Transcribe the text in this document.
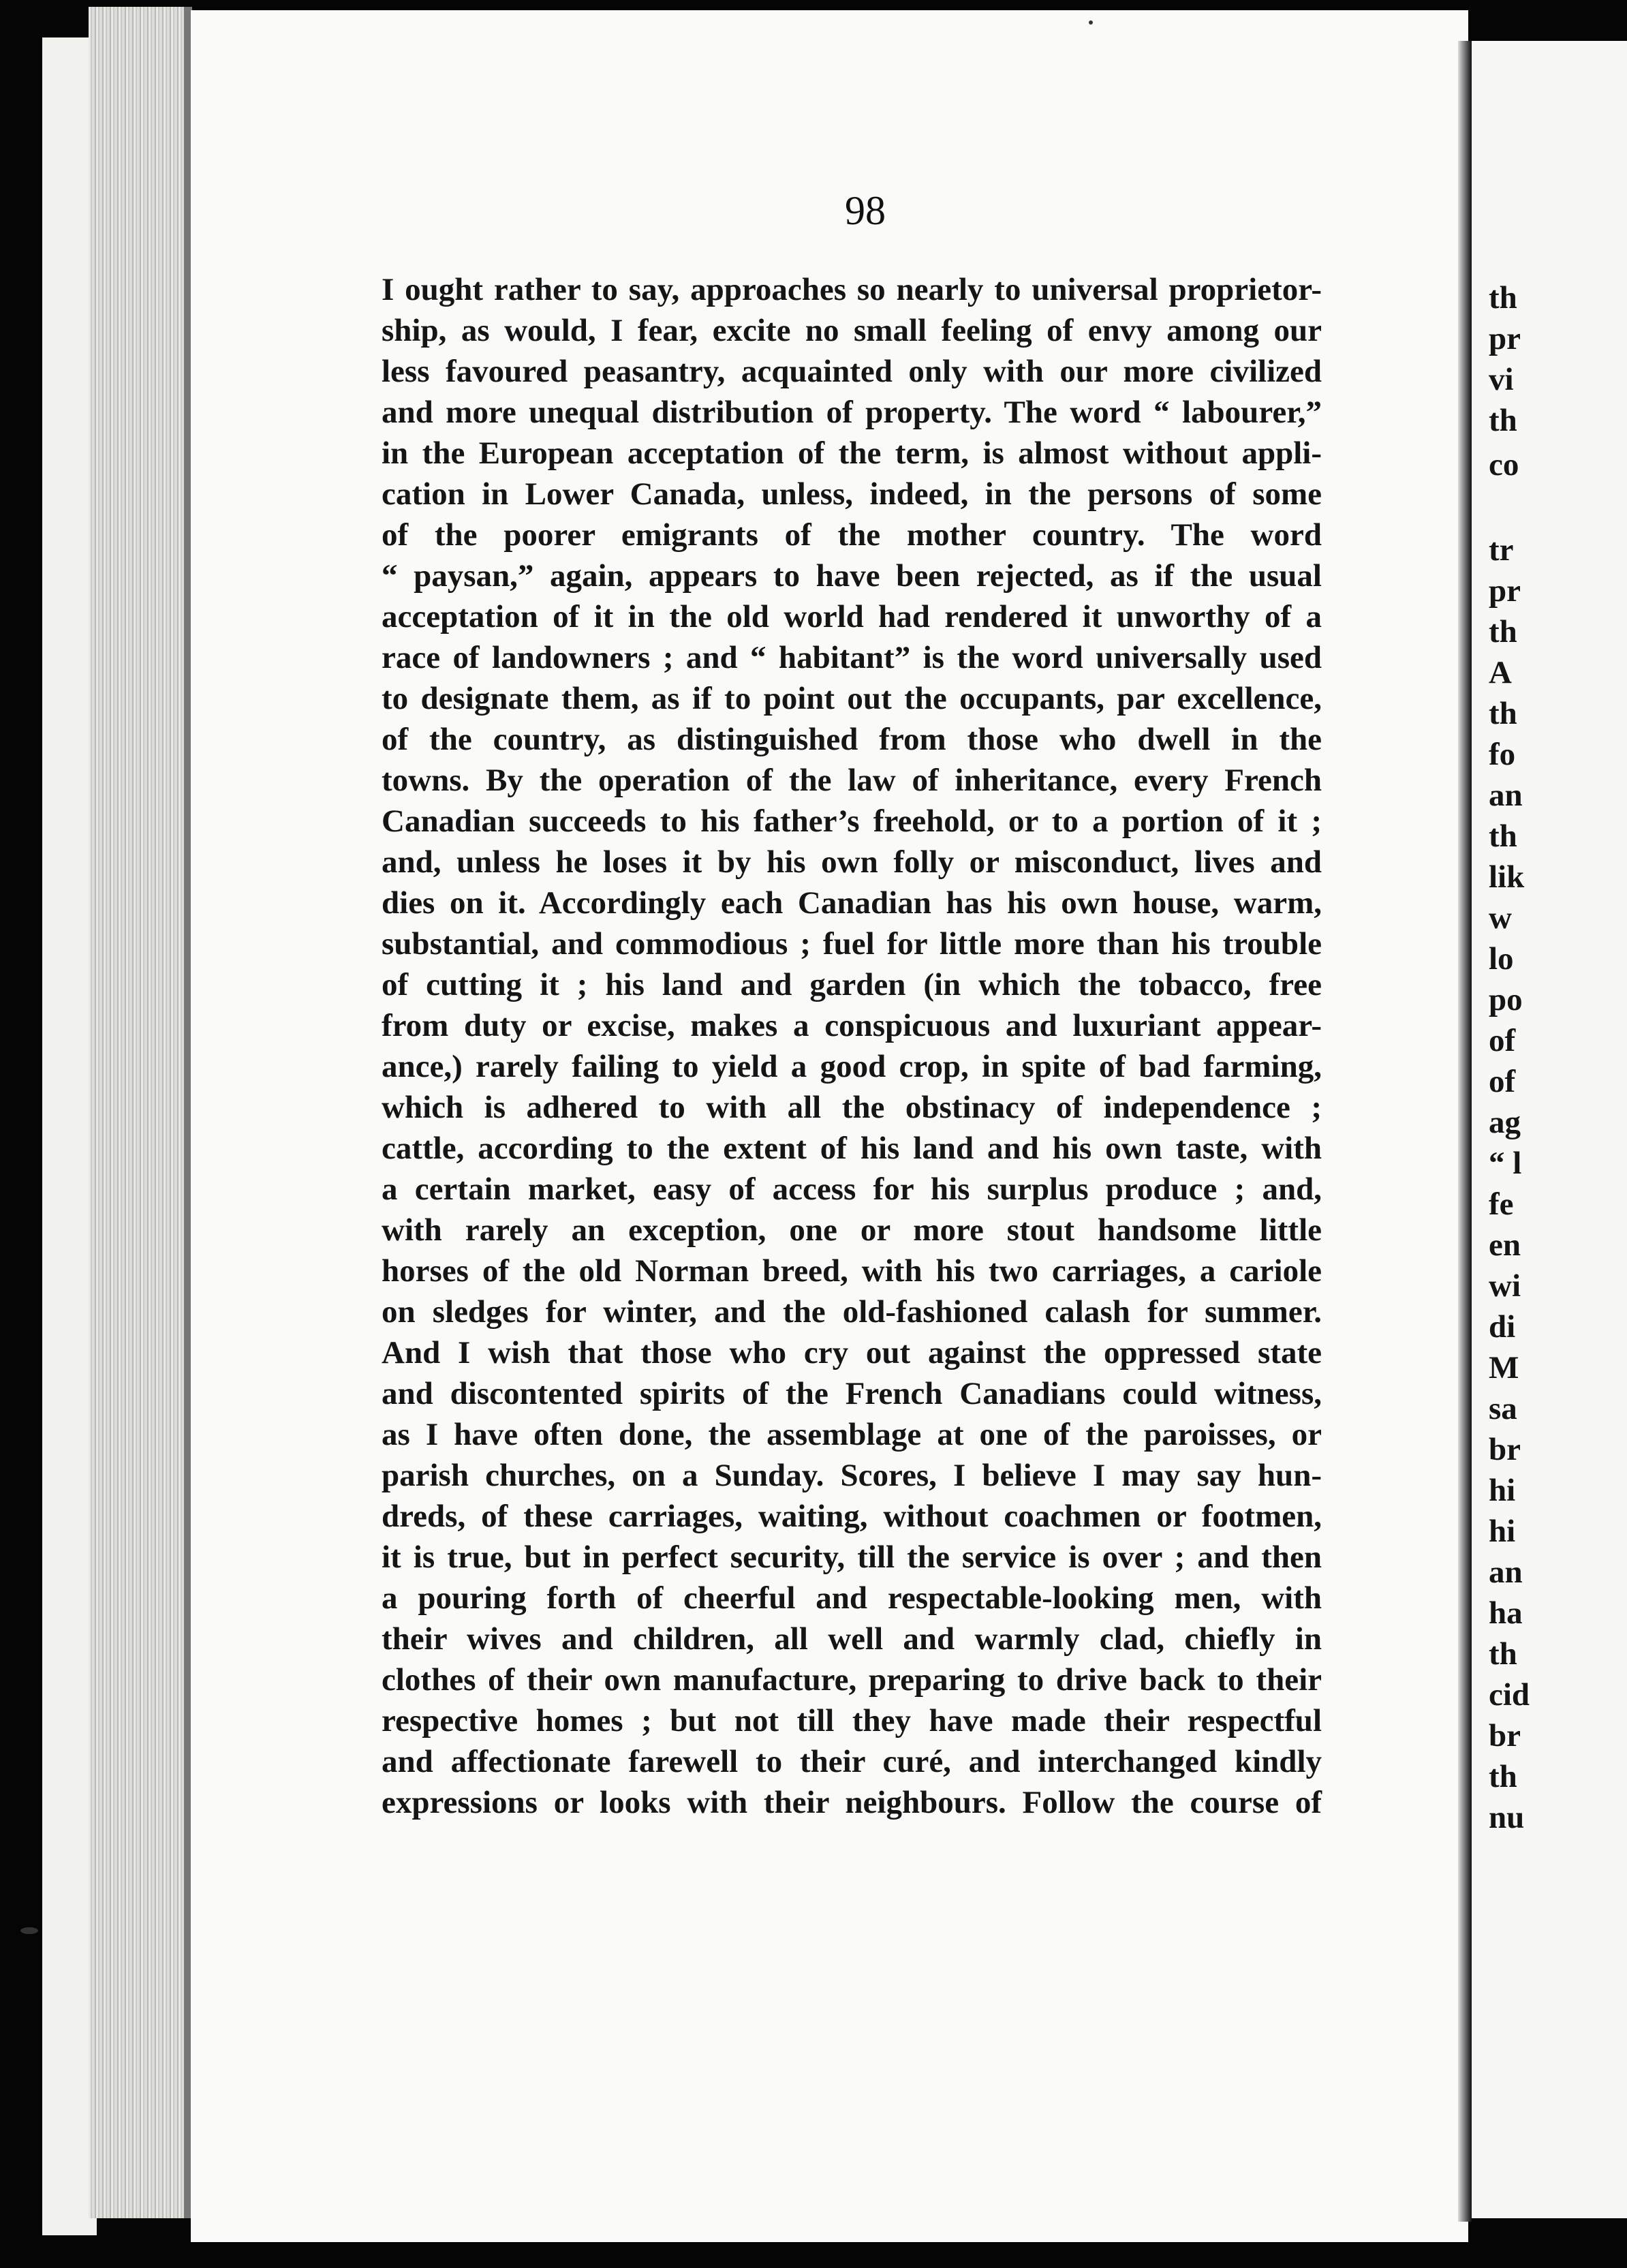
98
I ought rather to say, approaches so nearly to universal proprietor-
ship, as would, I fear, excite no small feeling of envy among our
less favoured peasantry, acquainted only with our more civilized
and more unequal distribution of property. The word “ labourer,”
in the European acceptation of the term, is almost without appli-
cation in Lower Canada, unless, indeed, in the persons of some
of the poorer emigrants of the mother country. The word
“ paysan,” again, appears to have been rejected, as if the usual
acceptation of it in the old world had rendered it unworthy of a
race of landowners ; and “ habitant” is the word universally used
to designate them, as if to point out the occupants, par excellence,
of the country, as distinguished from those who dwell in the
towns. By the operation of the law of inheritance, every French
Canadian succeeds to his father’s freehold, or to a portion of it ;
and, unless he loses it by his own folly or misconduct, lives and
dies on it. Accordingly each Canadian has his own house, warm,
substantial, and commodious ; fuel for little more than his trouble
of cutting it ; his land and garden (in which the tobacco, free
from duty or excise, makes a conspicuous and luxuriant appear-
ance,) rarely failing to yield a good crop, in spite of bad farming,
which is adhered to with all the obstinacy of independence ;
cattle, according to the extent of his land and his own taste, with
a certain market, easy of access for his surplus produce ; and,
with rarely an exception, one or more stout handsome little
horses of the old Norman breed, with his two carriages, a cariole
on sledges for winter, and the old-fashioned calash for summer.
And I wish that those who cry out against the oppressed state
and discontented spirits of the French Canadians could witness,
as I have often done, the assemblage at one of the paroisses, or
parish churches, on a Sunday. Scores, I believe I may say hun-
dreds, of these carriages, waiting, without coachmen or footmen,
it is true, but in perfect security, till the service is over ; and then
a pouring forth of cheerful and respectable-looking men, with
their wives and children, all well and warmly clad, chiefly in
clothes of their own manufacture, preparing to drive back to their
respective homes ; but not till they have made their respectful
and affectionate farewell to their curé, and interchanged kindly
expressions or looks with their neighbours. Follow the course of
th
pr
vi
th
co
tr
pr
th
A
th
fo
an
th
lik
w
lo
po
of
of
ag
“ l
fe
en
wi
di
M
sa
br
hi
hi
an
ha
th
cid
br
th
nu
